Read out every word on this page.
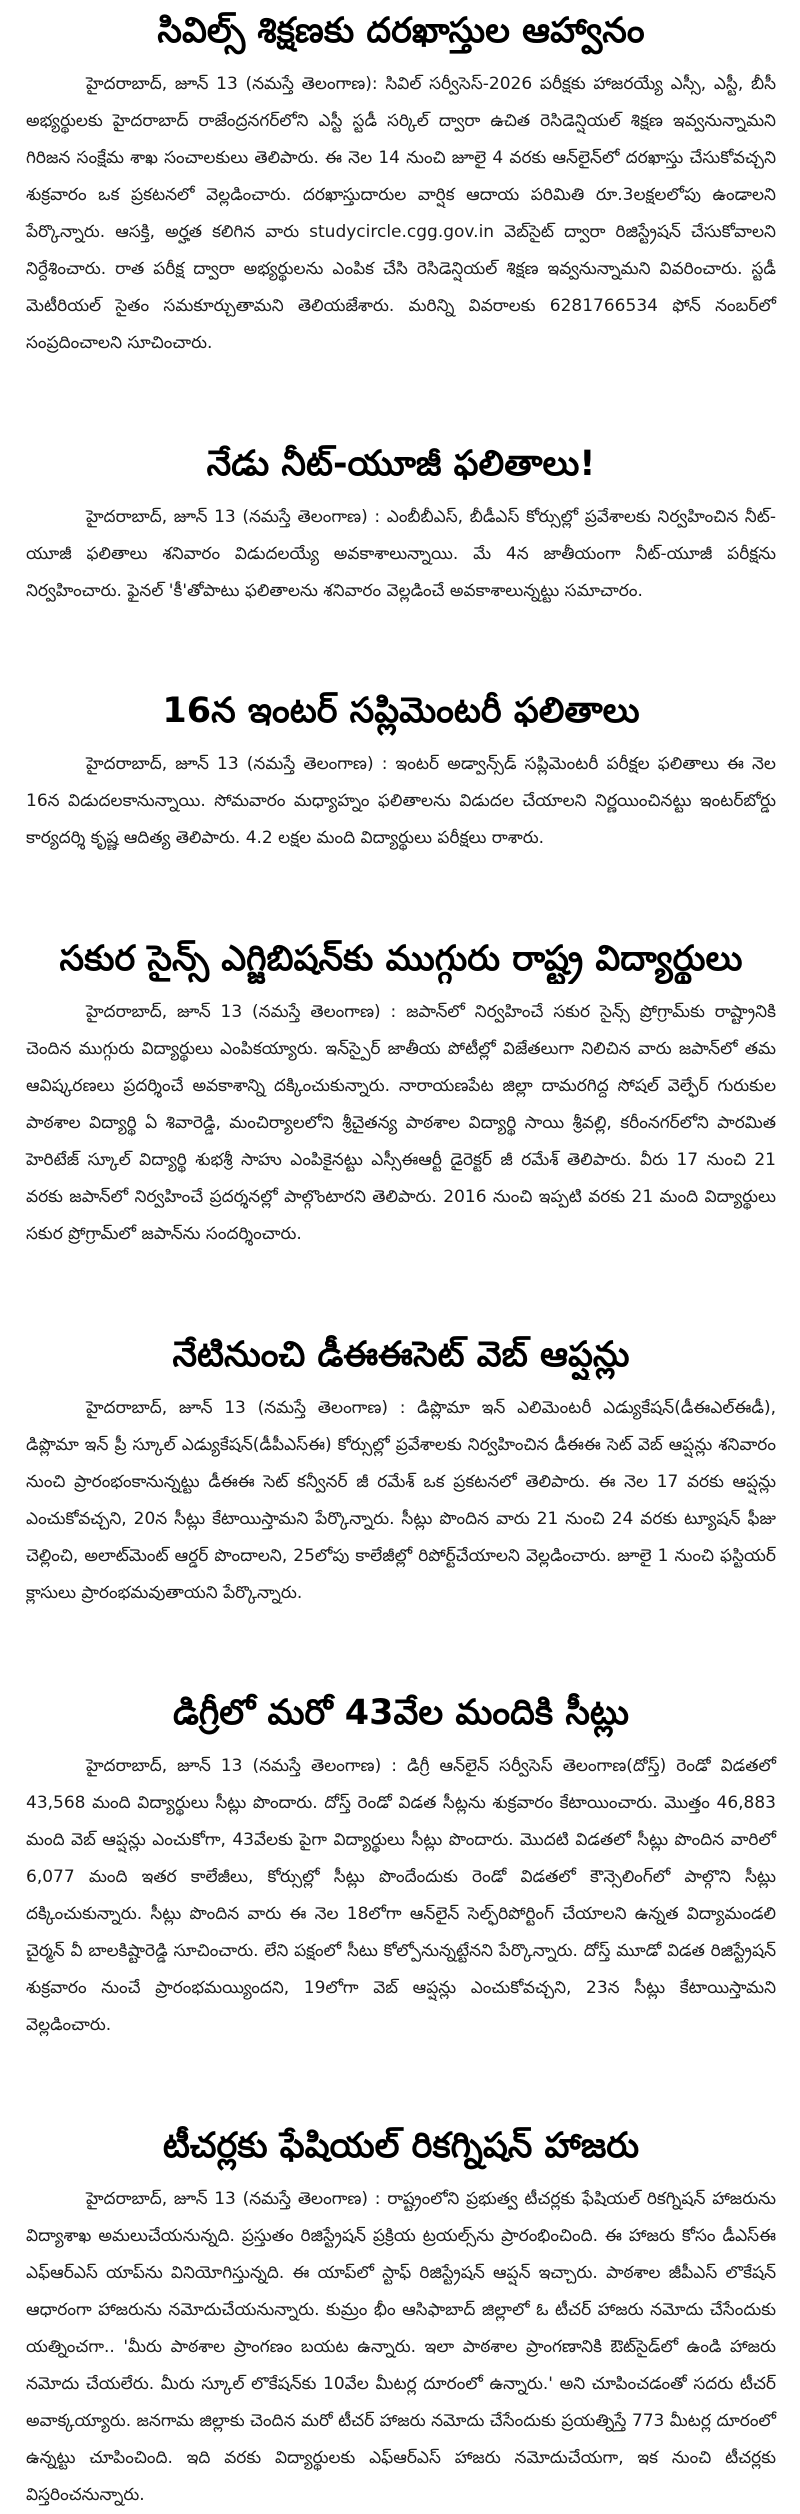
సివిల్స్‌ శిక్షణకు దరఖాస్తుల ఆహ్వానం

హైదరాబాద్‌, జూన్‌ 13 (నమస్తే తెలంగాణ): సివిల్‌ సర్వీసెస్‌-2026 పరీక్షకు హాజరయ్యే ఎస్సీ, ఎస్టీ, బీసీ అభ్యర్థులకు హైదరాబాద్‌ రాజేంద్రనగర్‌లోని ఎస్టీ స్టడీ సర్కిల్‌ ద్వారా ఉచిత రెసిడెన్షియల్‌ శిక్షణ ఇవ్వనున్నామని గిరిజన సంక్షేమ శాఖ సంచాలకులు తెలిపారు. ఈ నెల 14 నుంచి జూలై 4 వరకు ఆన్‌లైన్‌లో దరఖాస్తు చేసుకోవచ్చని శుక్రవారం ఒక ప్రకటనలో వెల్లడించారు. దరఖాస్తుదారుల వార్షిక ఆదాయ పరిమితి రూ.3లక్షలలోపు ఉండాలని పేర్కొన్నారు. ఆసక్తి, అర్హత కలిగిన వారు studycircle.cgg.gov.in వెబ్‌సైట్‌ ద్వారా రిజిస్ట్రేషన్‌ చేసుకోవాలని నిర్దేశించారు. రాత పరీక్ష ద్వారా అభ్యర్థులను ఎంపిక చేసి రెసిడెన్షియల్‌ శిక్షణ ఇవ్వనున్నామని వివరించారు. స్టడీ మెటీరియల్‌ సైతం సమకూర్చుతామని తెలియజేశారు. మరిన్ని వివరాలకు 6281766534 ఫోన్‌ నంబర్‌లో సంప్రదించాలని సూచించారు.

నేడు నీట్‌-యూజీ ఫలితాలు!

హైదరాబాద్‌, జూన్‌ 13 (నమస్తే తెలంగాణ) : ఎంబీబీఎస్‌, బీడీఎస్‌ కోర్సుల్లో ప్రవేశాలకు నిర్వహించిన నీట్‌-యూజీ ఫలితాలు శనివారం విడుదలయ్యే అవకాశాలున్నాయి. మే 4న జాతీయంగా నీట్‌-యూజీ పరీక్షను నిర్వహించారు. ఫైనల్‌ 'కీ'తోపాటు ఫలితాలను శనివారం వెల్లడించే అవకాశాలున్నట్టు సమాచారం.

16న ఇంటర్‌ సప్లిమెంటరీ ఫలితాలు

హైదరాబాద్‌, జూన్‌ 13 (నమస్తే తెలంగాణ) : ఇంటర్‌ అడ్వాన్స్‌డ్‌ సప్లిమెంటరీ పరీక్షల ఫలితాలు ఈ నెల 16న విడుదలకానున్నాయి. సోమవారం మధ్యాహ్నం ఫలితాలను విడుదల చేయాలని నిర్ణయించినట్టు ఇంటర్‌బోర్డు కార్యదర్శి కృష్ణ ఆదిత్య తెలిపారు. 4.2 లక్షల మంది విద్యార్థులు పరీక్షలు రాశారు.

సకుర సైన్స్‌ ఎగ్జిబిషన్‌కు ముగ్గురు రాష్ట్ర విద్యార్థులు

హైదరాబాద్‌, జూన్‌ 13 (నమస్తే తెలంగాణ) : జపాన్‌లో నిర్వహించే సకుర సైన్స్‌ ప్రోగ్రామ్‌కు రాష్ట్రానికి చెందిన ముగ్గురు విద్యార్థులు ఎంపికయ్యారు. ఇన్‌స్పైర్‌ జాతీయ పోటీల్లో విజేతలుగా నిలిచిన వారు జపాన్‌లో తమ ఆవిష్కరణలు ప్రదర్శించే అవకాశాన్ని దక్కించుకున్నారు. నారాయణపేట జిల్లా దామరగిద్ద సోషల్‌ వెల్ఫేర్‌ గురుకుల పాఠశాల విద్యార్థి ఏ శివారెడ్డి, మంచిర్యాలలోని శ్రీచైతన్య పాఠశాల విద్యార్థి సాయి శ్రీవల్లి, కరీంనగర్‌లోని పారమిత హెరిటేజ్‌ స్కూల్‌ విద్యార్థి శుభశ్రీ సాహు ఎంపికైనట్టు ఎస్సీఈఆర్టీ డైరెక్టర్‌ జీ రమేశ్‌ తెలిపారు. వీరు 17 నుంచి 21 వరకు జపాన్‌లో నిర్వహించే ప్రదర్శనల్లో పాల్గొంటారని తెలిపారు. 2016 నుంచి ఇప్పటి వరకు 21 మంది విద్యార్థులు సకుర ప్రోగ్రామ్‌లో జపాన్‌ను సందర్శించారు.

నేటినుంచి డీఈఈసెట్‌ వెబ్‌ ఆప్షన్లు

హైదరాబాద్‌, జూన్‌ 13 (నమస్తే తెలంగాణ) : డిప్లొమా ఇన్‌ ఎలిమెంటరీ ఎడ్యుకేషన్‌(డీఈఎల్‌ఈడీ), డిప్లొమా ఇన్‌ ప్రీ స్కూల్‌ ఎడ్యుకేషన్‌(డీపీఎస్‌ఈ) కోర్సుల్లో ప్రవేశాలకు నిర్వహించిన డీఈఈ సెట్‌ వెబ్‌ ఆప్షన్లు శనివారం నుంచి ప్రారంభంకానున్నట్టు డీఈఈ సెట్‌ కన్వీనర్‌ జీ రమేశ్‌ ఒక ప్రకటనలో తెలిపారు. ఈ నెల 17 వరకు ఆప్షన్లు ఎంచుకోవచ్చని, 20న సీట్లు కేటాయిస్తామని పేర్కొన్నారు. సీట్లు పొందిన వారు 21 నుంచి 24 వరకు ట్యూషన్‌ ఫీజు చెల్లించి, అలాట్‌మెంట్‌ ఆర్డర్‌ పొందాలని, 25లోపు కాలేజీల్లో రిపోర్ట్‌చేయాలని వెల్లడించారు. జూలై 1 నుంచి ఫస్టియర్‌ క్లాసులు ప్రారంభమవుతాయని పేర్కొన్నారు.

డిగ్రీలో మరో 43వేల మందికి సీట్లు

హైదరాబాద్‌, జూన్‌ 13 (నమస్తే తెలంగాణ) : డిగ్రీ ఆన్‌లైన్‌ సర్వీసెస్‌ తెలంగాణ(దోస్త్‌) రెండో విడతలో 43,568 మంది విద్యార్థులు సీట్లు పొందారు. దోస్త్‌ రెండో విడత సీట్లను శుక్రవారం కేటాయించారు. మొత్తం 46,883 మంది వెబ్‌ ఆప్షన్లు ఎంచుకోగా, 43వేలకు పైగా విద్యార్థులు సీట్లు పొందారు. మొదటి విడతలో సీట్లు పొందిన వారిలో 6,077 మంది ఇతర కాలేజీలు, కోర్సుల్లో సీట్లు పొందేందుకు రెండో విడతలో కౌన్సెలింగ్‌లో పాల్గొని సీట్లు దక్కించుకున్నారు. సీట్లు పొందిన వారు ఈ నెల 18లోగా ఆన్‌లైన్‌ సెల్ఫ్‌రిపోర్టింగ్‌ చేయాలని ఉన్నత విద్యామండలి చైర్మన్‌ వీ బాలకిష్టారెడ్డి సూచించారు. లేని పక్షంలో సీటు కోల్పోనున్నట్టేనని పేర్కొన్నారు. దోస్త్‌ మూడో విడత రిజిస్ట్రేషన్‌ శుక్రవారం నుంచే ప్రారంభమయ్యిందని, 19లోగా వెబ్‌ ఆప్షన్లు ఎంచుకోవచ్చని, 23న సీట్లు కేటాయిస్తామని వెల్లడించారు.

టీచర్లకు ఫేషియల్‌ రికగ్నిషన్‌ హాజరు

హైదరాబాద్‌, జూన్‌ 13 (నమస్తే తెలంగాణ) : రాష్ట్రంలోని ప్రభుత్వ టీచర్లకు ఫేషియల్‌ రికగ్నిషన్‌ హాజరును విద్యాశాఖ అమలుచేయనున్నది. ప్రస్తుతం రిజిస్ట్రేషన్‌ ప్రక్రియ ట్రయల్స్‌ను ప్రారంభించింది. ఈ హాజరు కోసం డీఎస్‌ఈ ఎఫ్‌ఆర్‌ఎస్‌ యాప్‌ను వినియోగిస్తున్నది. ఈ యాప్‌లో స్టాఫ్‌ రిజిస్ట్రేషన్‌ ఆప్షన్‌ ఇచ్చారు. పాఠశాల జీపీఎస్‌ లొకేషన్‌ ఆధారంగా హాజరును నమోదుచేయనున్నారు. కుమ్రం భీం ఆసిఫాబాద్‌ జిల్లాలో ఓ టీచర్‌ హాజరు నమోదు చేసేందుకు యత్నించగా.. 'మీరు పాఠశాల ప్రాంగణం బయట ఉన్నారు. ఇలా పాఠశాల ప్రాంగణానికి ఔట్‌సైడ్‌లో ఉండి హాజరు నమోదు చేయలేరు. మీరు స్కూల్‌ లొకేషన్‌కు 10వేల మీటర్ల దూరంలో ఉన్నారు.' అని చూపించడంతో సదరు టీచర్‌ అవాక్కయ్యారు. జనగామ జిల్లాకు చెందిన మరో టీచర్‌ హాజరు నమోదు చేసేందుకు ప్రయత్నిస్తే 773 మీటర్ల దూరంలో ఉన్నట్టు చూపించింది. ఇది వరకు విద్యార్థులకు ఎఫ్‌ఆర్‌ఎస్‌ హాజరు నమోదుచేయగా, ఇక నుంచి టీచర్లకు విస్తరించనున్నారు.
